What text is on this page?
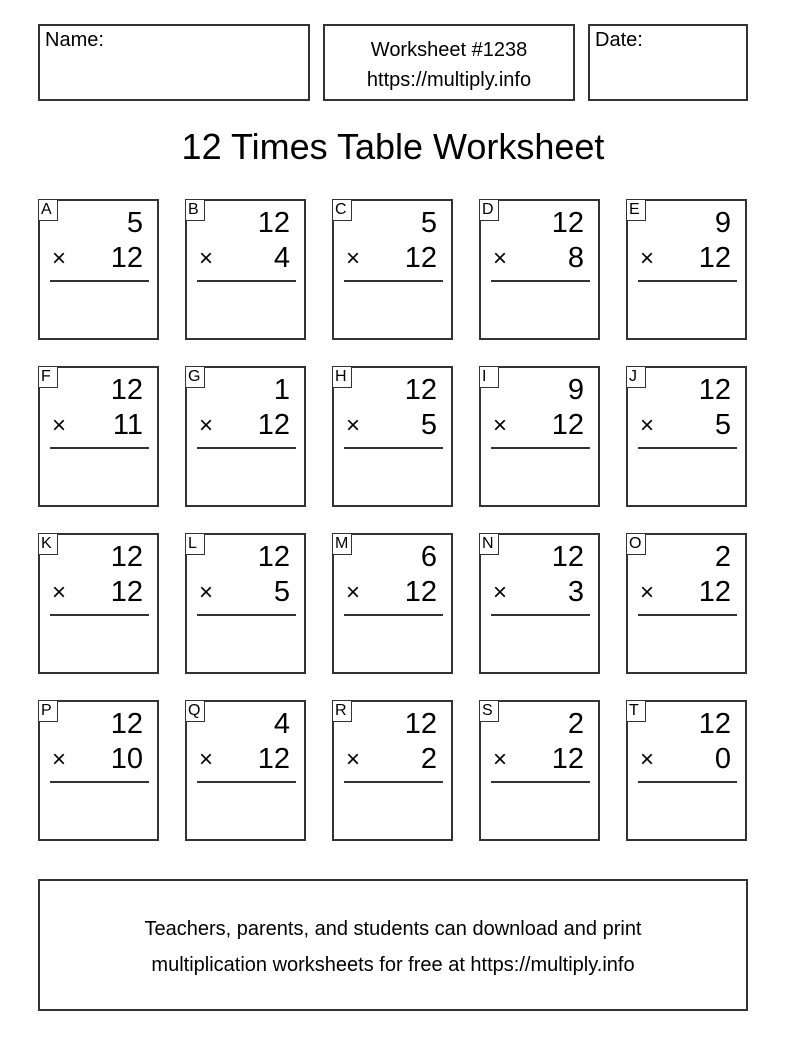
Name:	Worksheet #1238
https://multiply.info
Date:
12 Times Table Worksheet
A	5
× 12
B 12
× 4
C	5
× 12
D 12
× 8
E	9
× 12
F 12
× 11
G	1
× 12
H 12
× 5
I	9
× 12
J	12
× 5
K 12
× 12
L 12
× 5
M	6
× 12
N 12
× 3
O	2
× 12
P 12
× 10
Q	4
× 12
R 12
× 2
S	2
× 12
T 12
× 0
Teachers, parents, and students can download and print
multiplication worksheets for free at https://multiply.info
